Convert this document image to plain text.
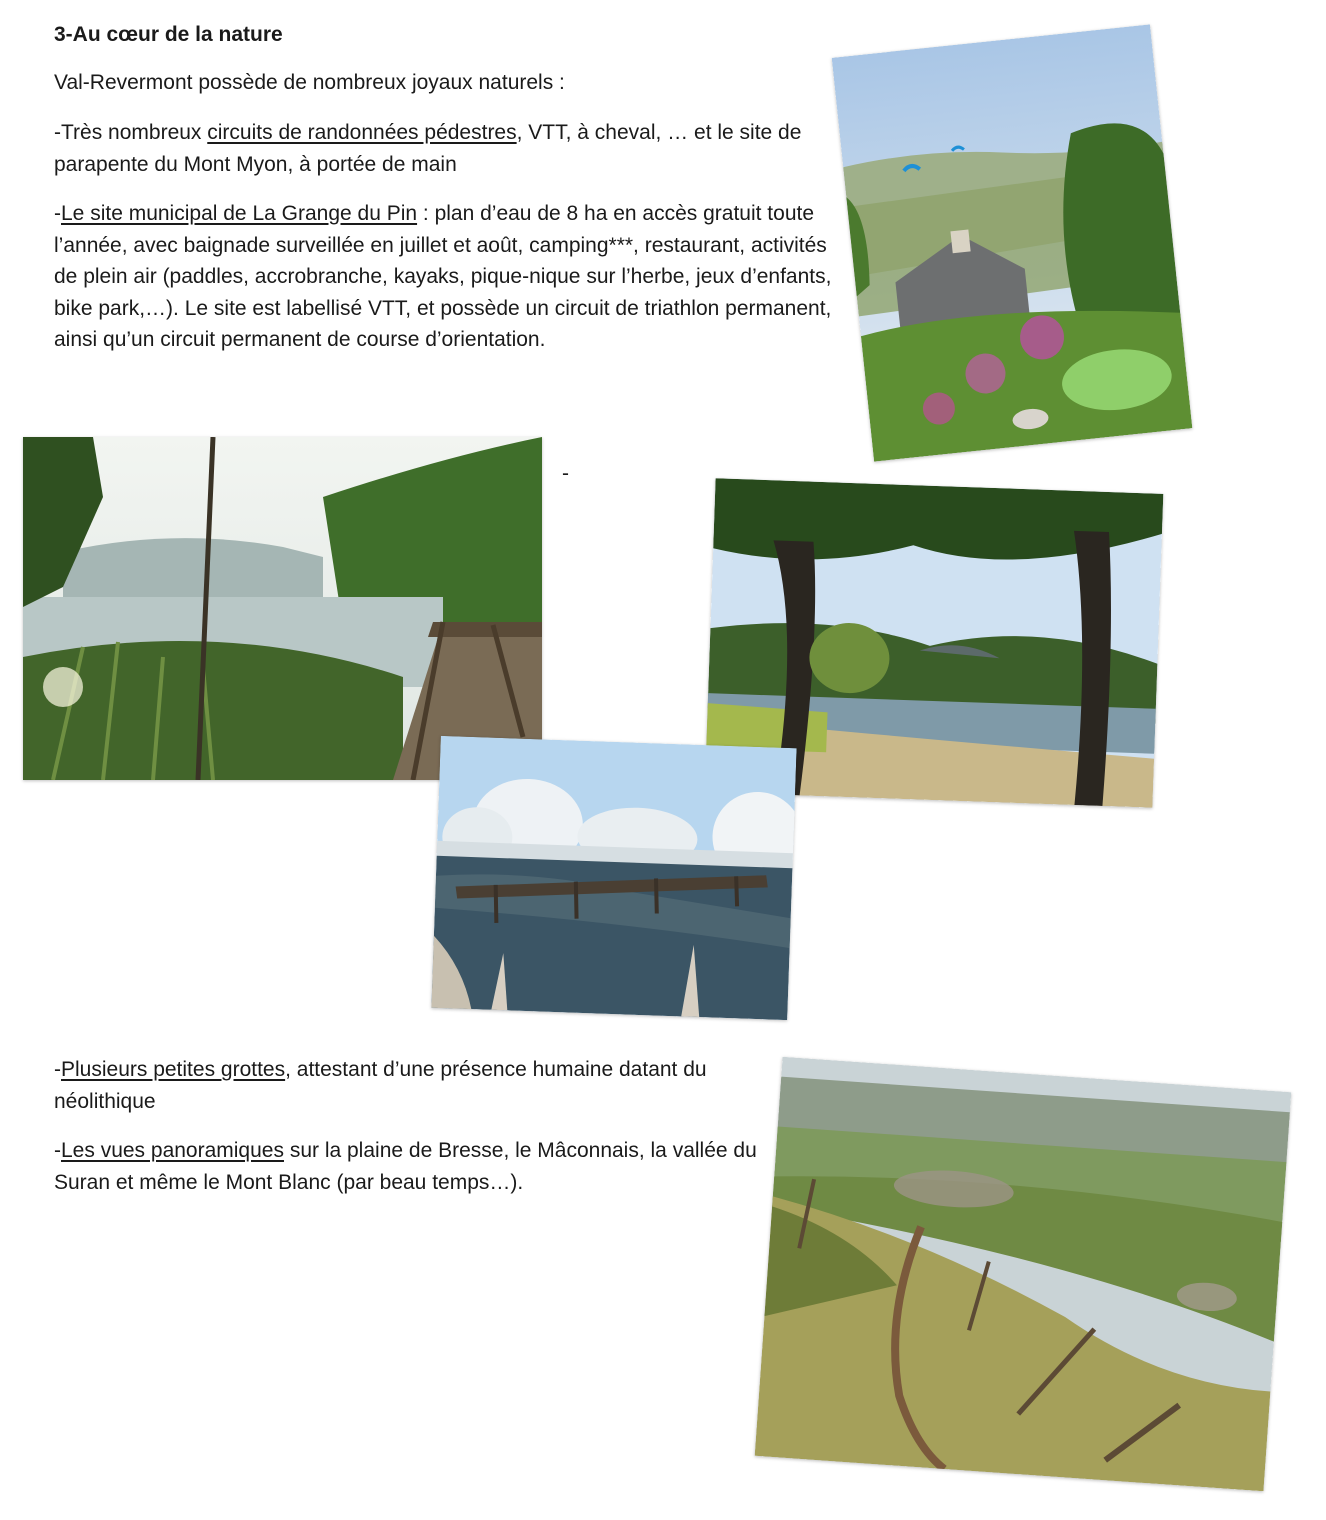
3-Au cœur de la nature

Val-Revermont possède de nombreux joyaux naturels :

-Très nombreux circuits de randonnées pédestres, VTT, à cheval, … et le site de parapente du Mont Myon, à portée de main

-Le site municipal de La Grange du Pin : plan d’eau de 8 ha en accès gratuit toute l’année, avec baignade surveillée en juillet et août, camping***, restaurant, activités de plein air (paddles, accrobranche, kayaks, pique-nique sur l’herbe, jeux d’enfants, bike park,…). Le site est labellisé VTT, et possède un circuit de triathlon permanent, ainsi qu’un circuit permanent de course d’orientation.

-

-Plusieurs petites grottes, attestant d’une présence humaine datant du néolithique

-Les vues panoramiques sur la plaine de Bresse, le Mâconnais, la vallée du Suran et même le Mont Blanc (par beau temps…).
